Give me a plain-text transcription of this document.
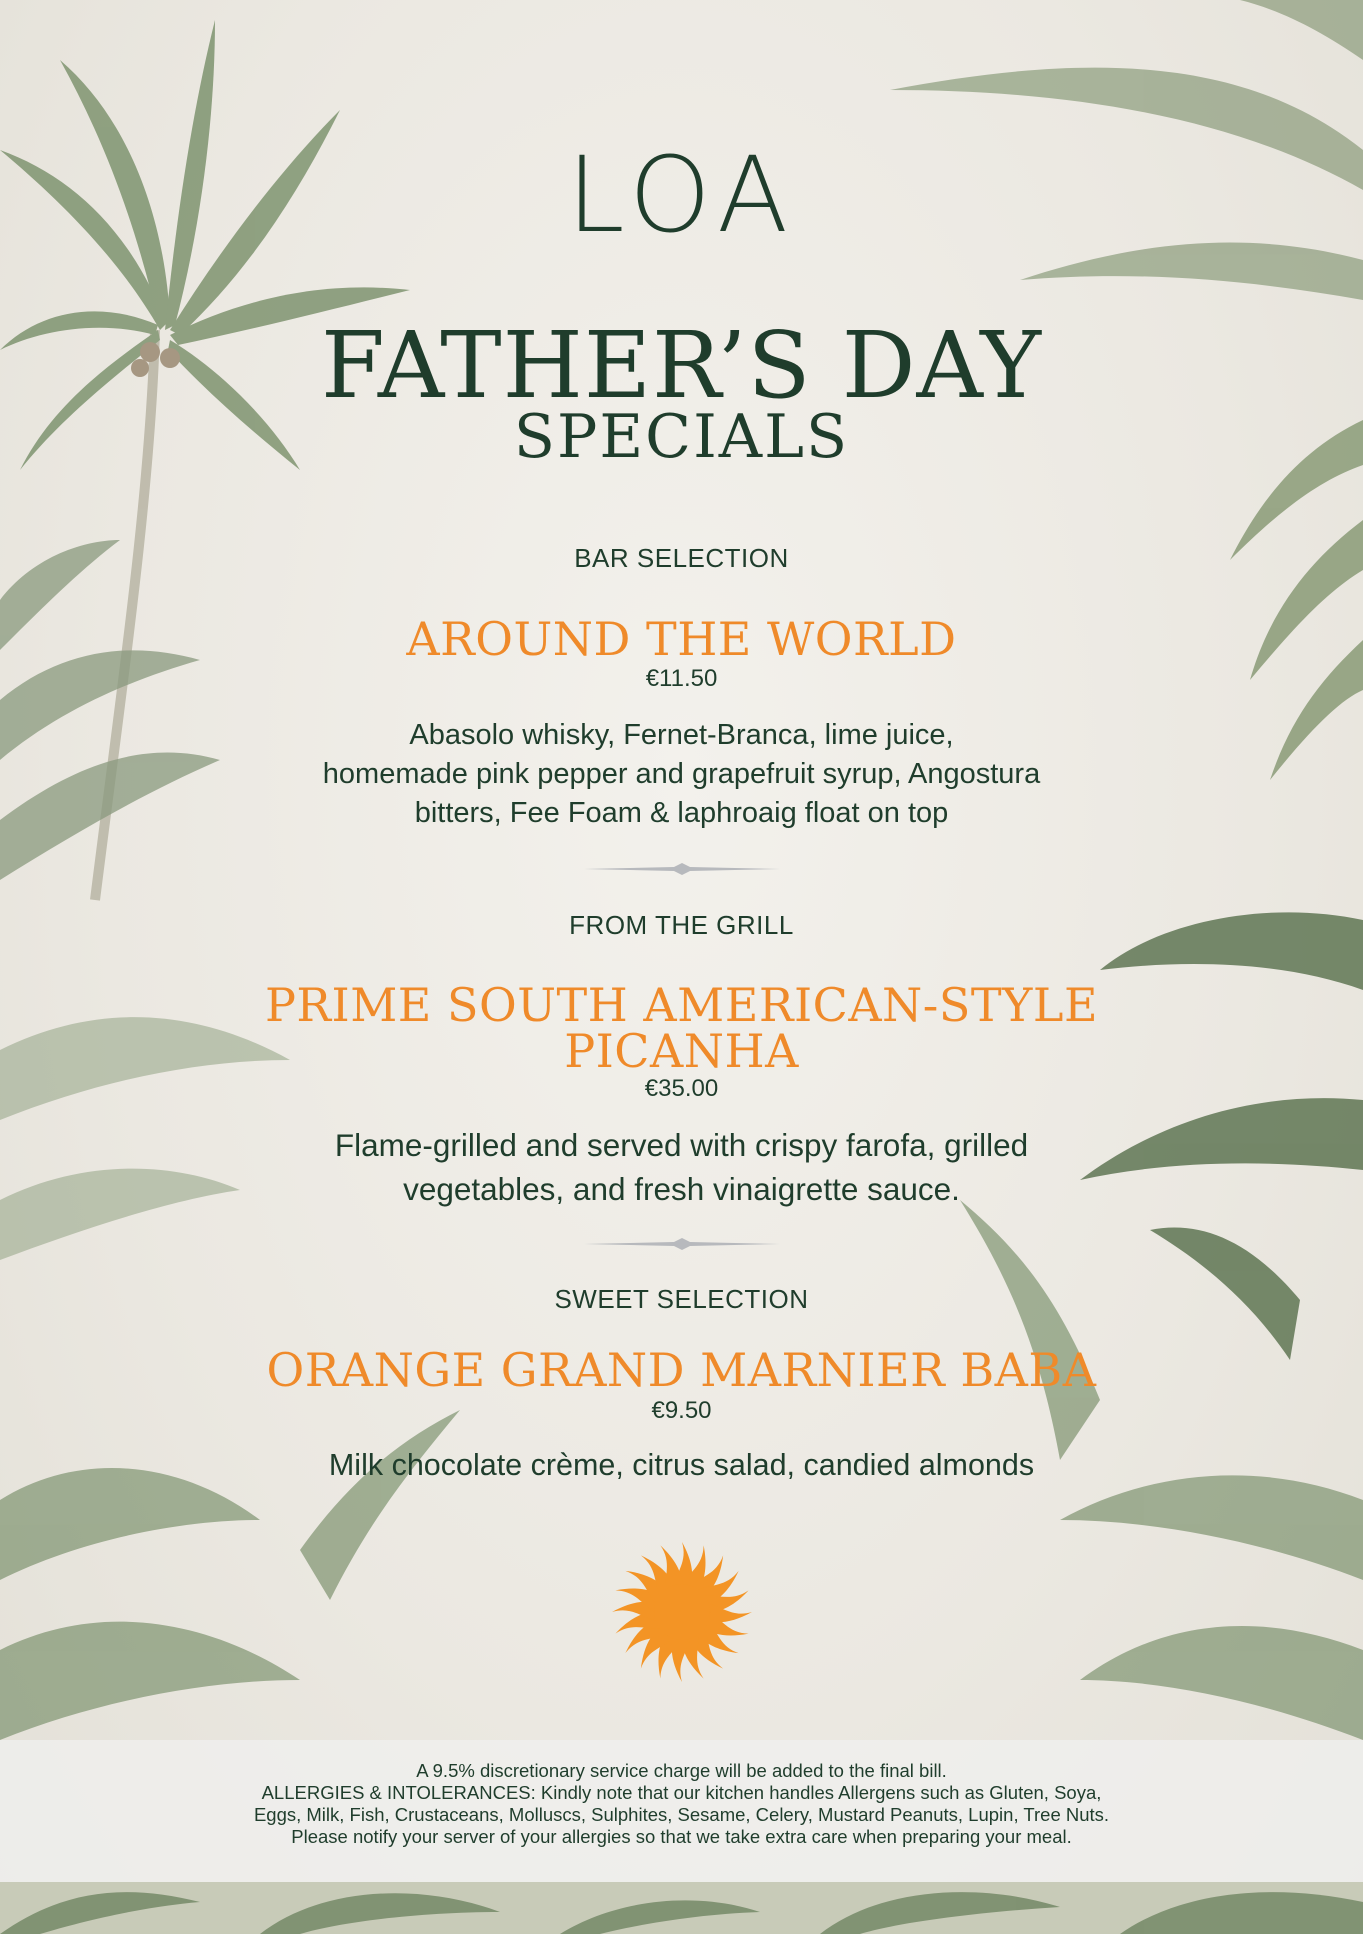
LOA
FATHER’S DAY
SPECIALS
BAR SELECTION
AROUND THE WORLD
€11.50
Abasolo whisky, Fernet-Branca, lime juice,
homemade pink pepper and grapefruit syrup, Angostura
bitters, Fee Foam & laphroaig float on top
FROM THE GRILL
PRIME SOUTH AMERICAN-STYLE
PICANHA
€35.00
Flame-grilled and served with crispy farofa, grilled
vegetables, and fresh vinaigrette sauce.
SWEET SELECTION
ORANGE GRAND MARNIER BABA
€9.50
Milk chocolate crème, citrus salad, candied almonds

A 9.5% discretionary service charge will be added to the final bill.

ALLERGIES & INTOLERANCES: Kindly note that our kitchen handles Allergens such as Gluten, Soya,

Eggs, Milk, Fish, Crustaceans, Molluscs, Sulphites, Sesame, Celery, Mustard Peanuts, Lupin, Tree Nuts.

Please notify your server of your allergies so that we take extra care when preparing your meal.
